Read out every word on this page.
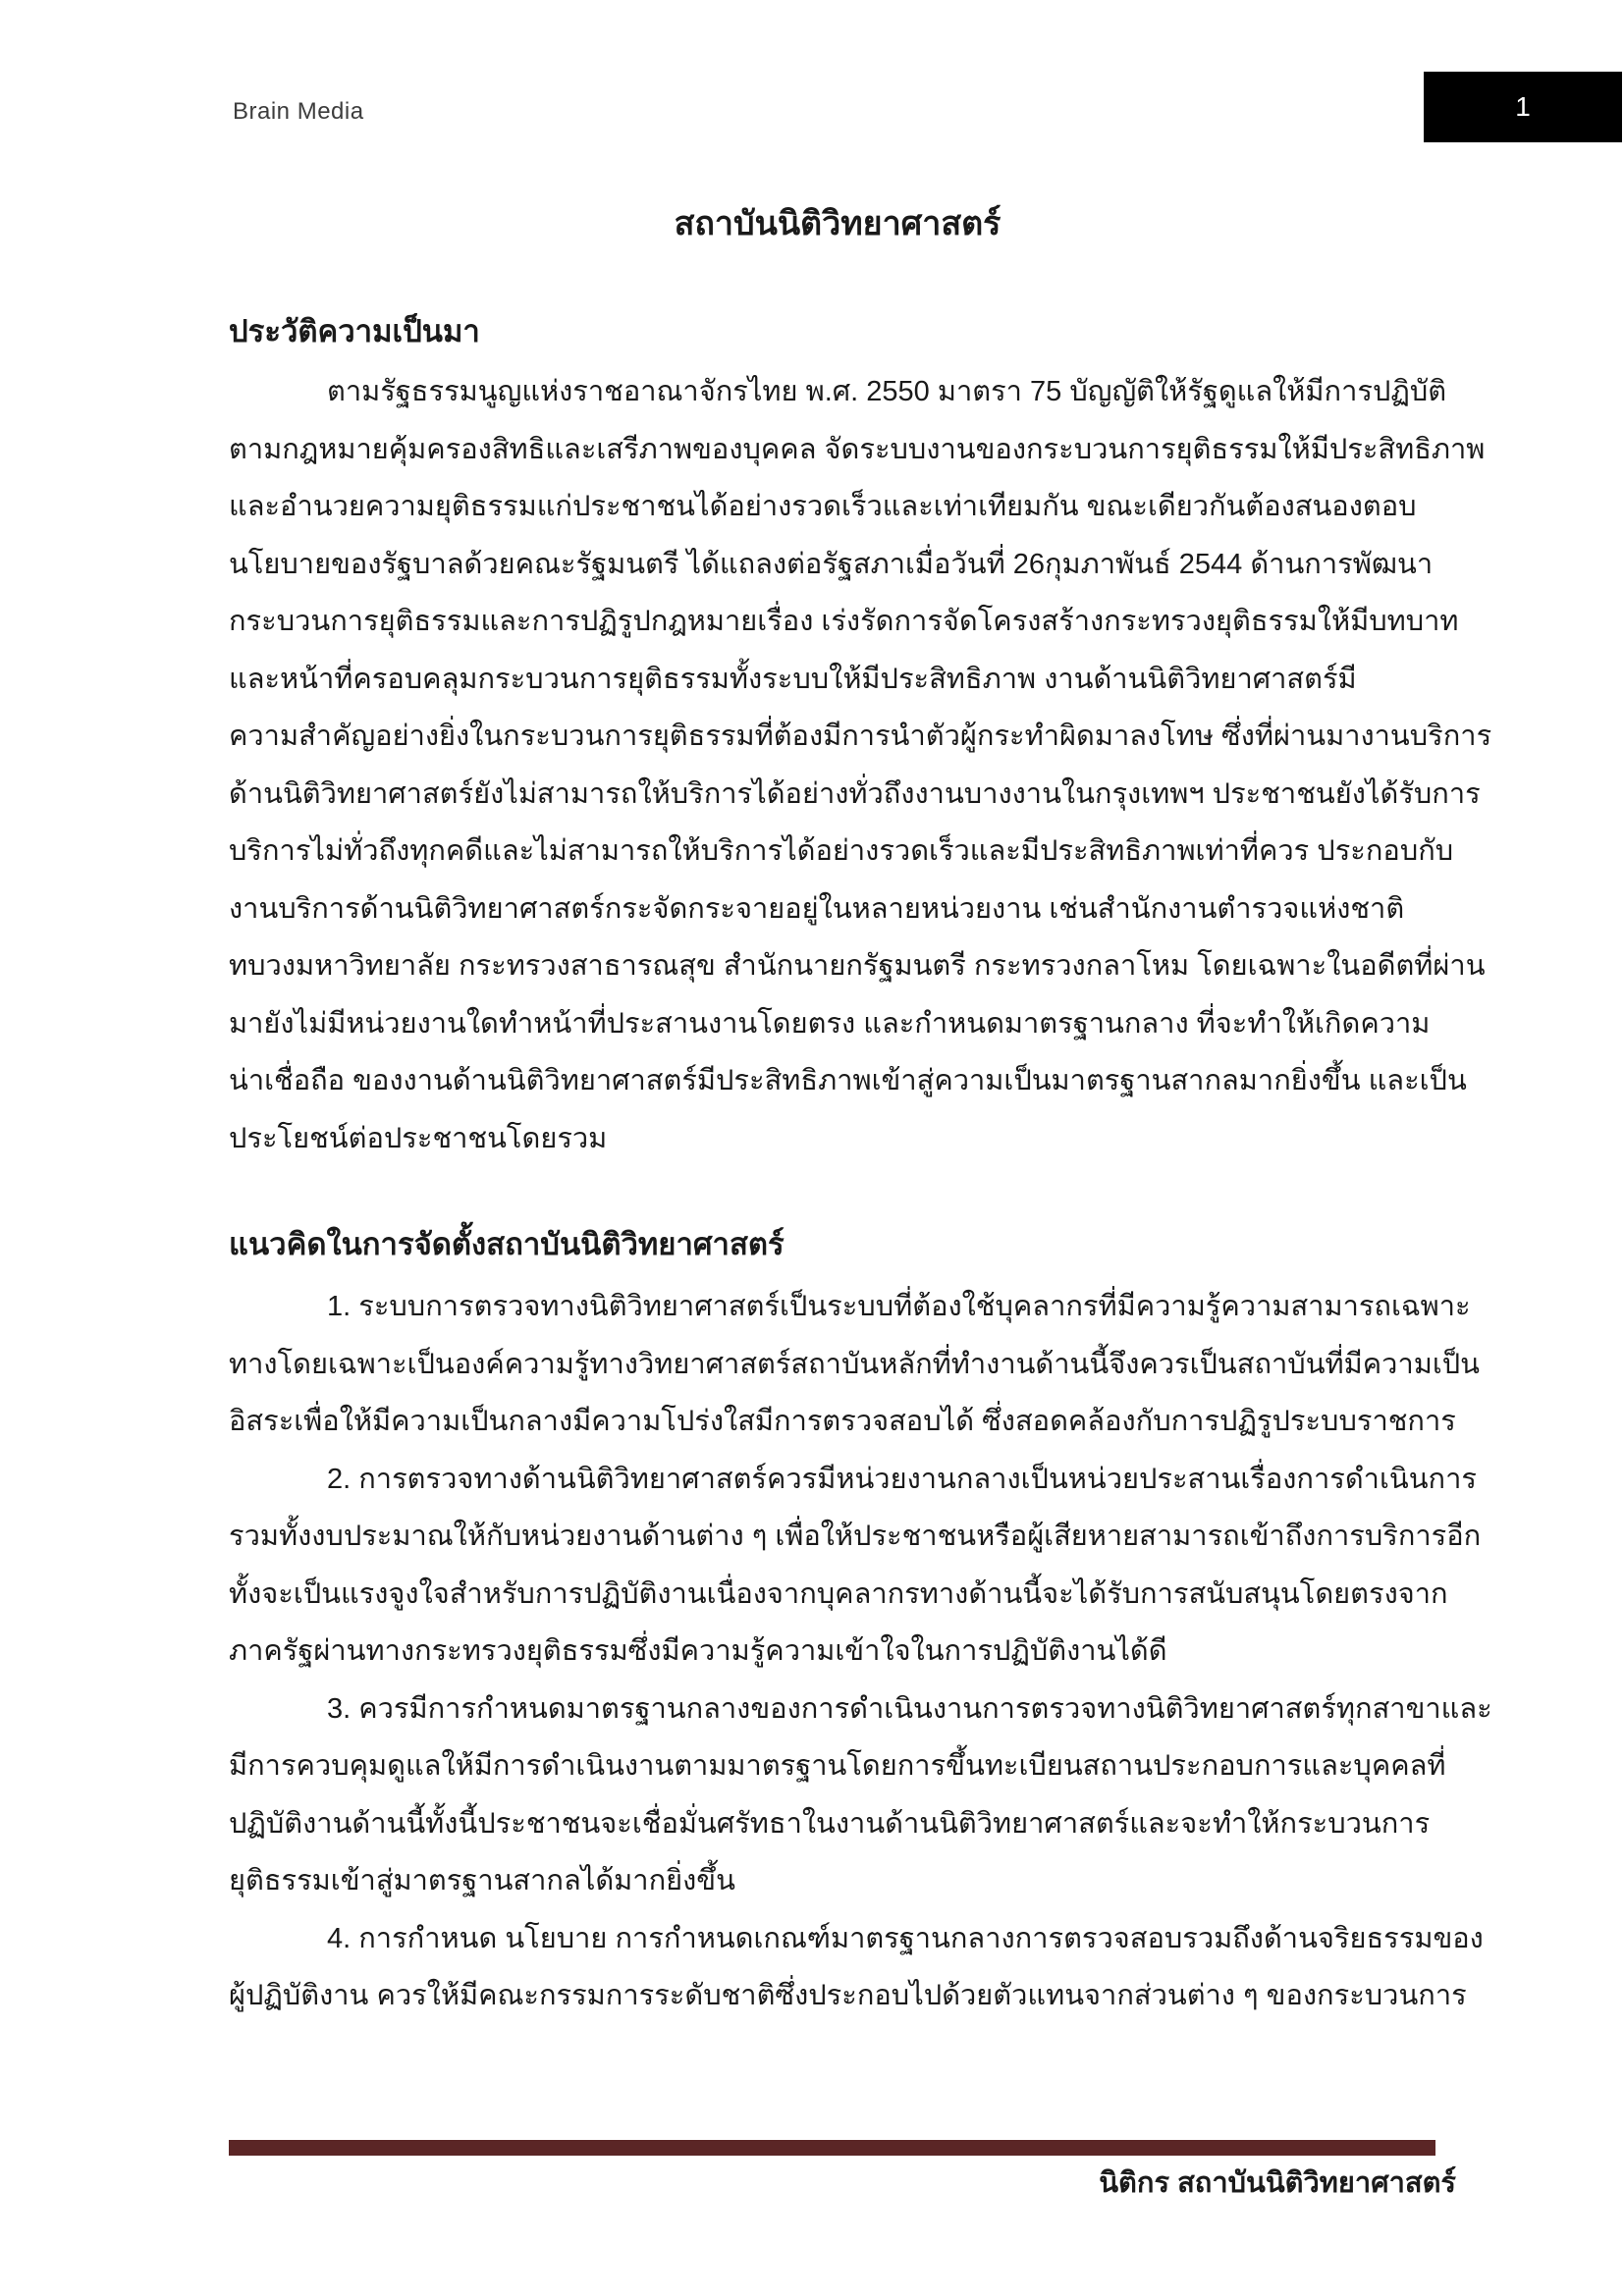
Brain Media	1
สถาบันนิติวิทยาศาสตร์
ประวัติความเป็นมา
ตามรัฐธรรมนูญแห่งราชอาณาจักรไทย พ.ศ. 2550 มาตรา 75 บัญญัติให้รัฐดูแลให้มีการปฏิบัติ
ตามกฎหมายคุ้มครองสิทธิและเสรีภาพของบุคคล จัดระบบงานของกระบวนการยุติธรรมให้มีประสิทธิภาพ
และอำนวยความยุติธรรมแก่ประชาชนได้อย่างรวดเร็วและเท่าเทียมกัน ขณะเดียวกันต้องสนองตอบ
นโยบายของรัฐบาลด้วยคณะรัฐมนตรี ได้แถลงต่อรัฐสภาเมื่อวันที่ 26กุมภาพันธ์ 2544 ด้านการพัฒนา
กระบวนการยุติธรรมและการปฏิรูปกฎหมายเรื่อง เร่งรัดการจัดโครงสร้างกระทรวงยุติธรรมให้มีบทบาท
และหน้าที่ครอบคลุมกระบวนการยุติธรรมทั้งระบบให้มีประสิทธิภาพ งานด้านนิติวิทยาศาสตร์มี
ความสำคัญอย่างยิ่งในกระบวนการยุติธรรมที่ต้องมีการนำตัวผู้กระทำผิดมาลงโทษ ซึ่งที่ผ่านมางานบริการ
ด้านนิติวิทยาศาสตร์ยังไม่สามารถให้บริการได้อย่างทั่วถึงงานบางงานในกรุงเทพฯ ประชาชนยังได้รับการ
บริการไม่ทั่วถึงทุกคดีและไม่สามารถให้บริการได้อย่างรวดเร็วและมีประสิทธิภาพเท่าที่ควร ประกอบกับ
งานบริการด้านนิติวิทยาศาสตร์กระจัดกระจายอยู่ในหลายหน่วยงาน เช่นสำนักงานตำรวจแห่งชาติ
ทบวงมหาวิทยาลัย กระทรวงสาธารณสุข สำนักนายกรัฐมนตรี กระทรวงกลาโหม โดยเฉพาะในอดีตที่ผ่าน
มายังไม่มีหน่วยงานใดทำหน้าที่ประสานงานโดยตรง และกำหนดมาตรฐานกลาง ที่จะทำให้เกิดความ
น่าเชื่อถือ ของงานด้านนิติวิทยาศาสตร์มีประสิทธิภาพเข้าสู่ความเป็นมาตรฐานสากลมากยิ่งขึ้น และเป็น
ประโยชน์ต่อประชาชนโดยรวม
แนวคิดในการจัดตั้งสถาบันนิติวิทยาศาสตร์
1. ระบบการตรวจทางนิติวิทยาศาสตร์เป็นระบบที่ต้องใช้บุคลากรที่มีความรู้ความสามารถเฉพาะ
ทางโดยเฉพาะเป็นองค์ความรู้ทางวิทยาศาสตร์สถาบันหลักที่ทำงานด้านนี้จึงควรเป็นสถาบันที่มีความเป็น
อิสระเพื่อให้มีความเป็นกลางมีความโปร่งใสมีการตรวจสอบได้ ซึ่งสอดคล้องกับการปฏิรูประบบราชการ
2. การตรวจทางด้านนิติวิทยาศาสตร์ควรมีหน่วยงานกลางเป็นหน่วยประสานเรื่องการดำเนินการ
รวมทั้งงบประมาณให้กับหน่วยงานด้านต่าง ๆ เพื่อให้ประชาชนหรือผู้เสียหายสามารถเข้าถึงการบริการอีก
ทั้งจะเป็นแรงจูงใจสำหรับการปฏิบัติงานเนื่องจากบุคลากรทางด้านนี้จะได้รับการสนับสนุนโดยตรงจาก
ภาครัฐผ่านทางกระทรวงยุติธรรมซึ่งมีความรู้ความเข้าใจในการปฏิบัติงานได้ดี
3. ควรมีการกำหนดมาตรฐานกลางของการดำเนินงานการตรวจทางนิติวิทยาศาสตร์ทุกสาขาและ
มีการควบคุมดูแลให้มีการดำเนินงานตามมาตรฐานโดยการขึ้นทะเบียนสถานประกอบการและบุคคลที่
ปฏิบัติงานด้านนี้ทั้งนี้ประชาชนจะเชื่อมั่นศรัทธาในงานด้านนิติวิทยาศาสตร์และจะทำให้กระบวนการ
ยุติธรรมเข้าสู่มาตรฐานสากลได้มากยิ่งขึ้น
4. การกำหนด นโยบาย การกำหนดเกณฑ์มาตรฐานกลางการตรวจสอบรวมถึงด้านจริยธรรมของ
ผู้ปฏิบัติงาน ควรให้มีคณะกรรมการระดับชาติซึ่งประกอบไปด้วยตัวแทนจากส่วนต่าง ๆ ของกระบวนการ
นิติกร สถาบันนิติวิทยาศาสตร์
